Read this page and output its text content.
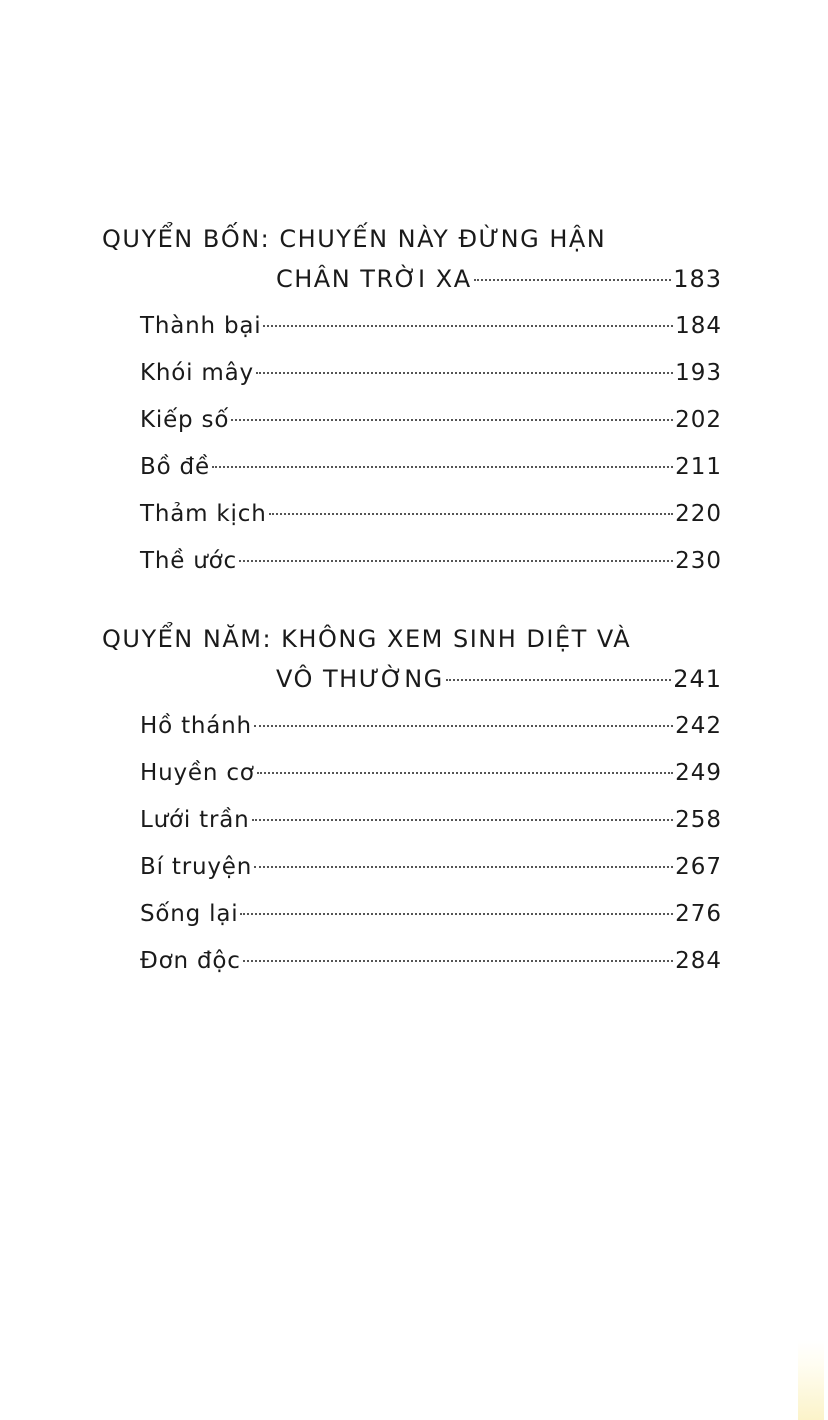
QUYỂN BỐN: CHUYẾN NÀY ĐỪNG HẬN
CHÂN TRỜI XA	183
Thành bại	184
Khói mây	193
Kiếp số	202
Bồ đề	211
Thảm kịch	220
Thề ước	230
QUYỂN NĂM: KHÔNG XEM SINH DIỆT VÀ
VÔ THƯỜNG	241
Hồ thánh	242
Huyền cơ	249
Lưới trần	258
Bí truyện	267
Sống lại	276
Đơn độc	284
